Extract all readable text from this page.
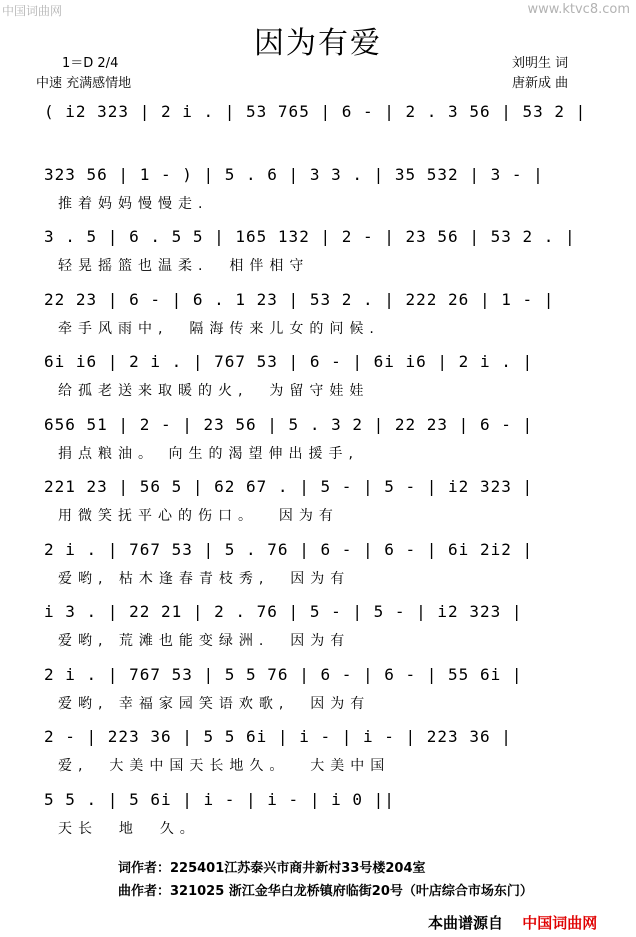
中国词曲网	www.ktvc8.com
因为有爱
1＝D 2/4
中速 充满感情地
刘明生 词
唐新成 曲
( i2 323 | 2 i . | 53 765 | 6 - | 2 . 3 56 | 53 2 |
323 56 | 1 - ) | 5 . 6 | 3 3 . | 35 532 | 3 - |
推着妈妈慢慢走.
3 . 5 | 6 . 5 5 | 165 132 | 2 - | 23 56 | 53 2 . |
轻晃摇篮也温柔.  相伴相守
22 23 | 6 - | 6 . 1 23 | 53 2 . | 222 26 | 1 - |
牵手风雨中,  隔海传来儿女的问候.
6i i6 | 2 i . | 767 53 | 6 - | 6i i6 | 2 i . |
给孤老送来取暖的火,  为留守娃娃
656 51 | 2 - | 23 56 | 5 . 3 2 | 22 23 | 6 - |
捐点粮油。 向生的渴望伸出援手,
221 23 | 56 5 | 62 67 . | 5 - | 5 - | i2 323 |
用微笑抚平心的伤口。  因为有
2 i . | 767 53 | 5 . 76 | 6 - | 6 - | 6i 2i2 |
爱哟, 枯木逢春青枝秀,  因为有
i 3 . | 22 21 | 2 . 76 | 5 - | 5 - | i2 323 |
爱哟, 荒滩也能变绿洲.  因为有
2 i . | 767 53 | 5 5 76 | 6 - | 6 - | 55 6i |
爱哟, 幸福家园笑语欢歌,  因为有
2 - | 223 36 | 5 5 6i | i - | i - | 223 36 |
爱,  大美中国天长地久。  大美中国
5 5 . | 5 6i | i - | i - | i 0 ||
天长  地  久。
词作者：225401江苏泰兴市商井新村33号楼204室
曲作者：321025 浙江金华白龙桥镇府临街20号（叶店综合市场东门）
本曲谱源自 中国词曲网
